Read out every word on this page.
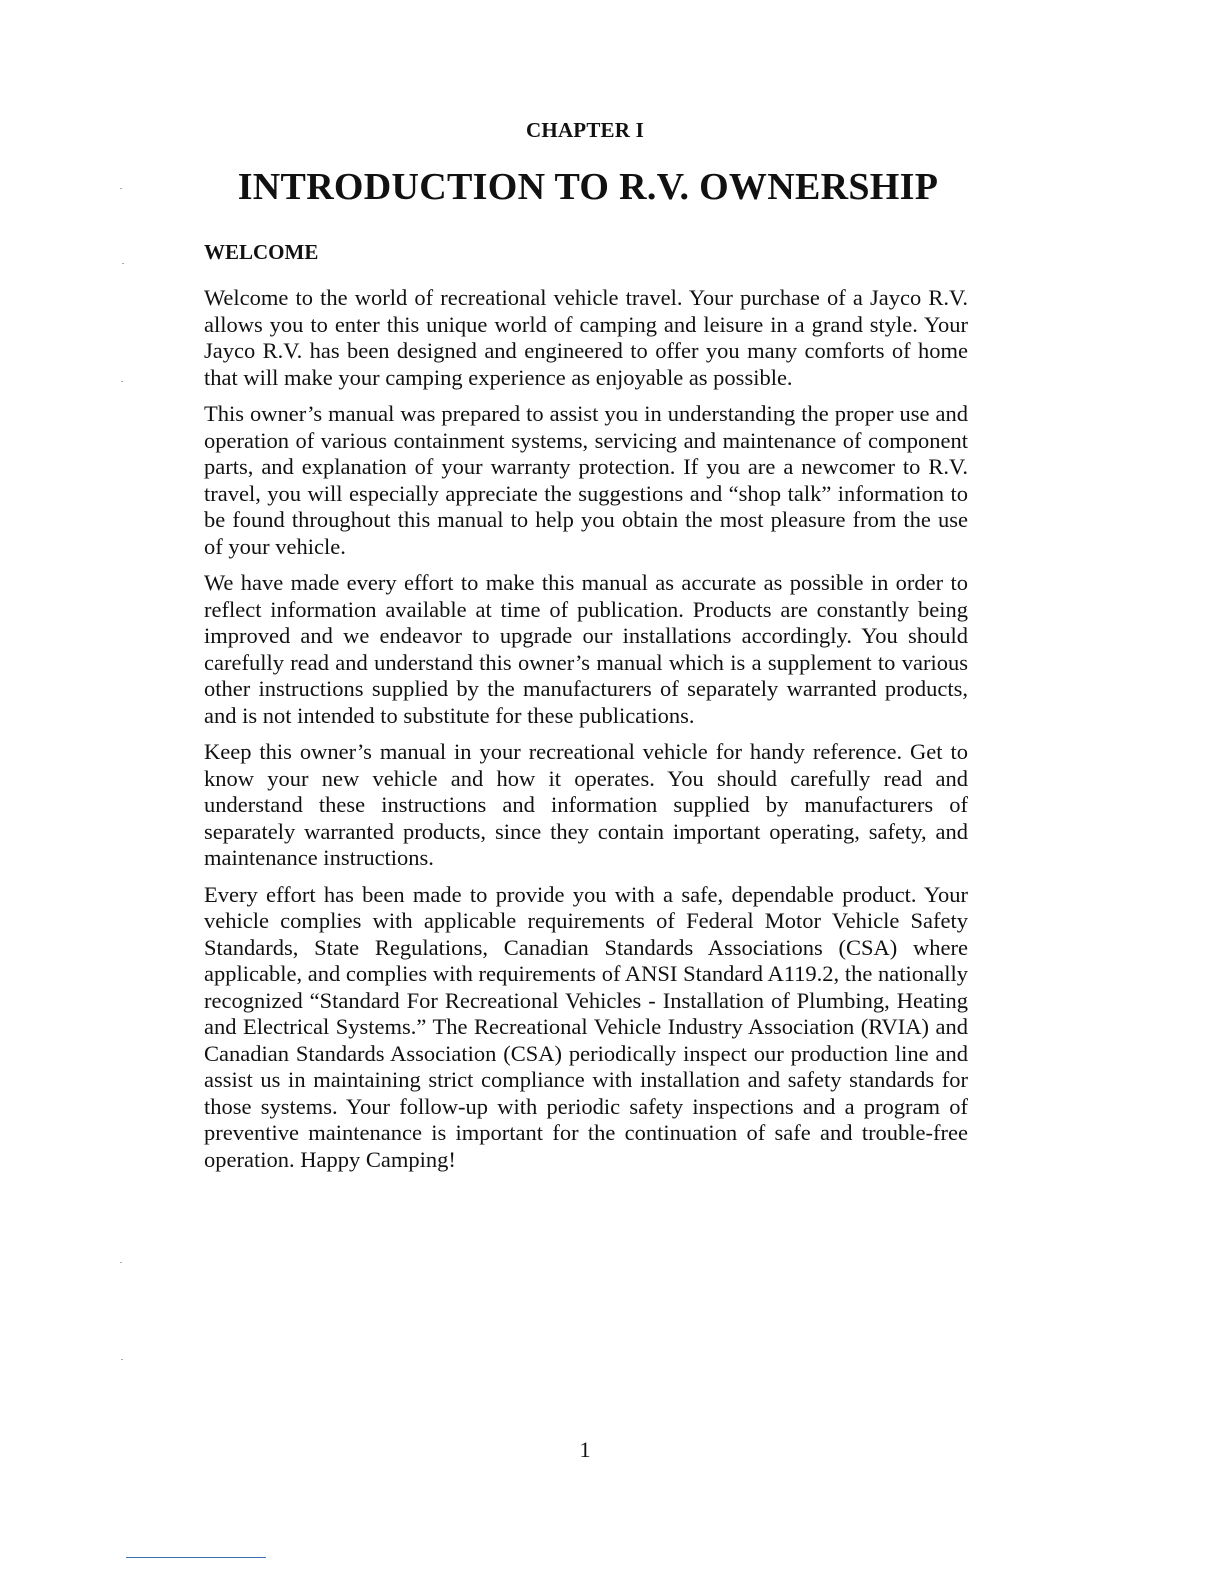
CHAPTER I
INTRODUCTION TO R.V. OWNERSHIP
WELCOME

Welcome to the world of recreational vehicle travel. Your purchase of a Jayco R.V. allows you to enter this unique world of camping and leisure in a grand style. Your Jayco R.V. has been designed and engineered to offer you many comforts of home that will make your camping experience as enjoyable as possible.

This owner’s manual was prepared to assist you in understanding the proper use and operation of various containment systems, servicing and maintenance of component parts, and explanation of your warranty protection. If you are a newcomer to R.V. travel, you will especially appreciate the suggestions and “shop talk” information to be found throughout this manual to help you obtain the most pleasure from the use of your vehicle.

We have made every effort to make this manual as accurate as possible in order to reflect information available at time of publication. Products are constantly being improved and we endeavor to upgrade our installations accordingly. You should carefully read and understand this owner’s manual which is a supplement to various other instructions supplied by the manufacturers of separately warranted products, and is not intended to substitute for these publications.

Keep this owner’s manual in your recreational vehicle for handy reference. Get to know your new vehicle and how it operates. You should carefully read and understand these instructions and information supplied by manufacturers of separately warranted products, since they contain important operating, safety, and maintenance instructions.

Every effort has been made to provide you with a safe, dependable product. Your vehicle complies with applicable requirements of Federal Motor Vehicle Safety Standards, State Regulations, Canadian Standards Associations (CSA) where applicable, and complies with requirements of ANSI Standard A119.2, the nationally recognized “Standard For Recreational Vehicles - Installation of Plumbing, Heating and Electrical Systems.” The Recreational Vehicle Industry Association (RVIA) and Canadian Standards Association (CSA) periodically inspect our production line and assist us in maintaining strict compliance with installation and safety standards for those systems. Your follow-up with periodic safety inspections and a program of preventive maintenance is important for the continuation of safe and trouble-free operation. Happy Camping!

1
